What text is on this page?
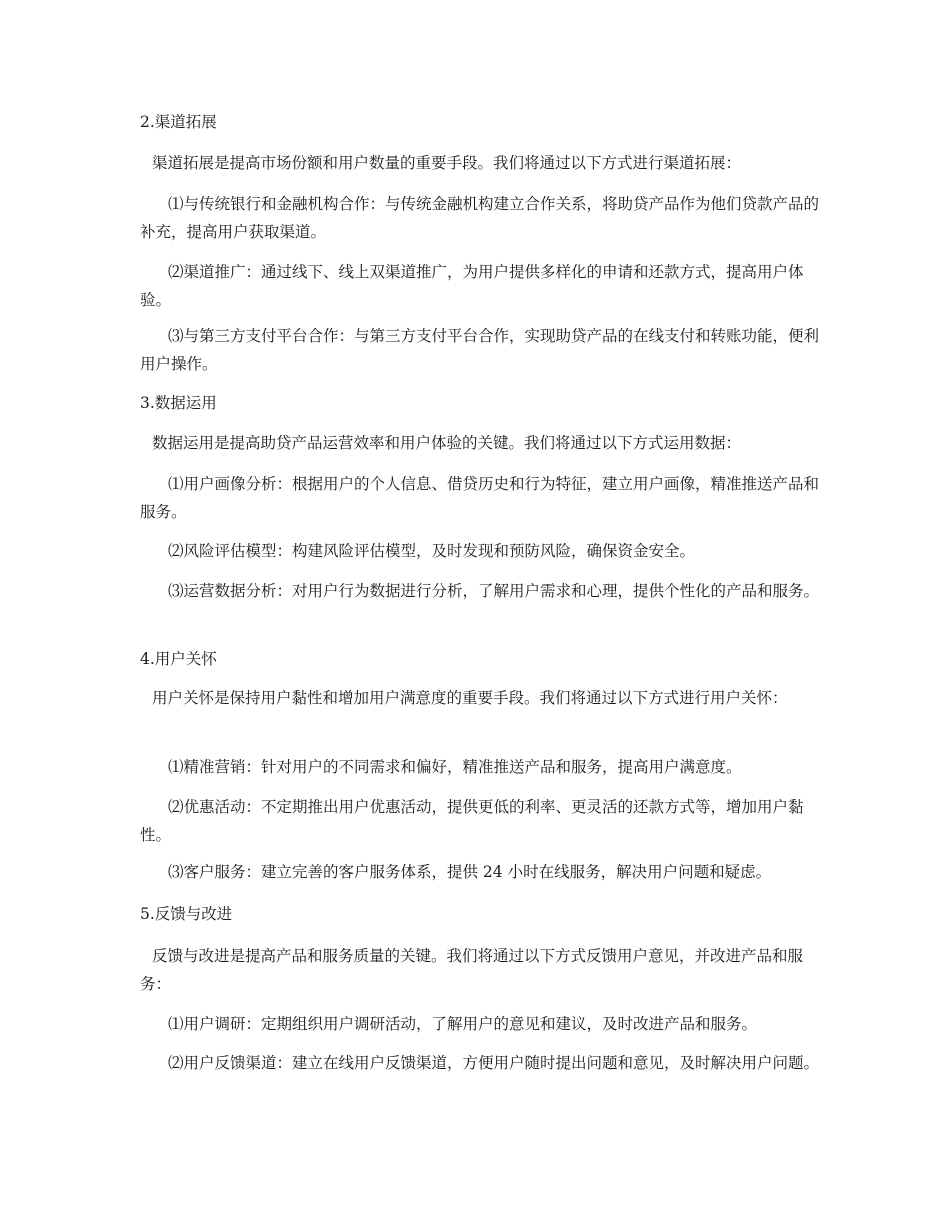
2.渠道拓展

渠道拓展是提高市场份额和用户数量的重要手段。我们将通过以下方式进行渠道拓展：

⑴与传统银行和金融机构合作：与传统金融机构建立合作关系，将助贷产品作为他们贷款产品的补充，提高用户获取渠道。

⑵渠道推广：通过线下、线上双渠道推广，为用户提供多样化的申请和还款方式，提高用户体验。

⑶与第三方支付平台合作：与第三方支付平台合作，实现助贷产品的在线支付和转账功能，便利用户操作。

3.数据运用

数据运用是提高助贷产品运营效率和用户体验的关键。我们将通过以下方式运用数据：

⑴用户画像分析：根据用户的个人信息、借贷历史和行为特征，建立用户画像，精准推送产品和服务。

⑵风险评估模型：构建风险评估模型，及时发现和预防风险，确保资金安全。

⑶运营数据分析：对用户行为数据进行分析，了解用户需求和心理，提供个性化的产品和服务。

4.用户关怀

用户关怀是保持用户黏性和增加用户满意度的重要手段。我们将通过以下方式进行用户关怀：

⑴精准营销：针对用户的不同需求和偏好，精准推送产品和服务，提高用户满意度。

⑵优惠活动：不定期推出用户优惠活动，提供更低的利率、更灵活的还款方式等，增加用户黏性。

⑶客户服务：建立完善的客户服务体系，提供 24 小时在线服务，解决用户问题和疑虑。

5.反馈与改进

反馈与改进是提高产品和服务质量的关键。我们将通过以下方式反馈用户意见，并改进产品和服务：

⑴用户调研：定期组织用户调研活动，了解用户的意见和建议，及时改进产品和服务。

⑵用户反馈渠道：建立在线用户反馈渠道，方便用户随时提出问题和意见，及时解决用户问题。
